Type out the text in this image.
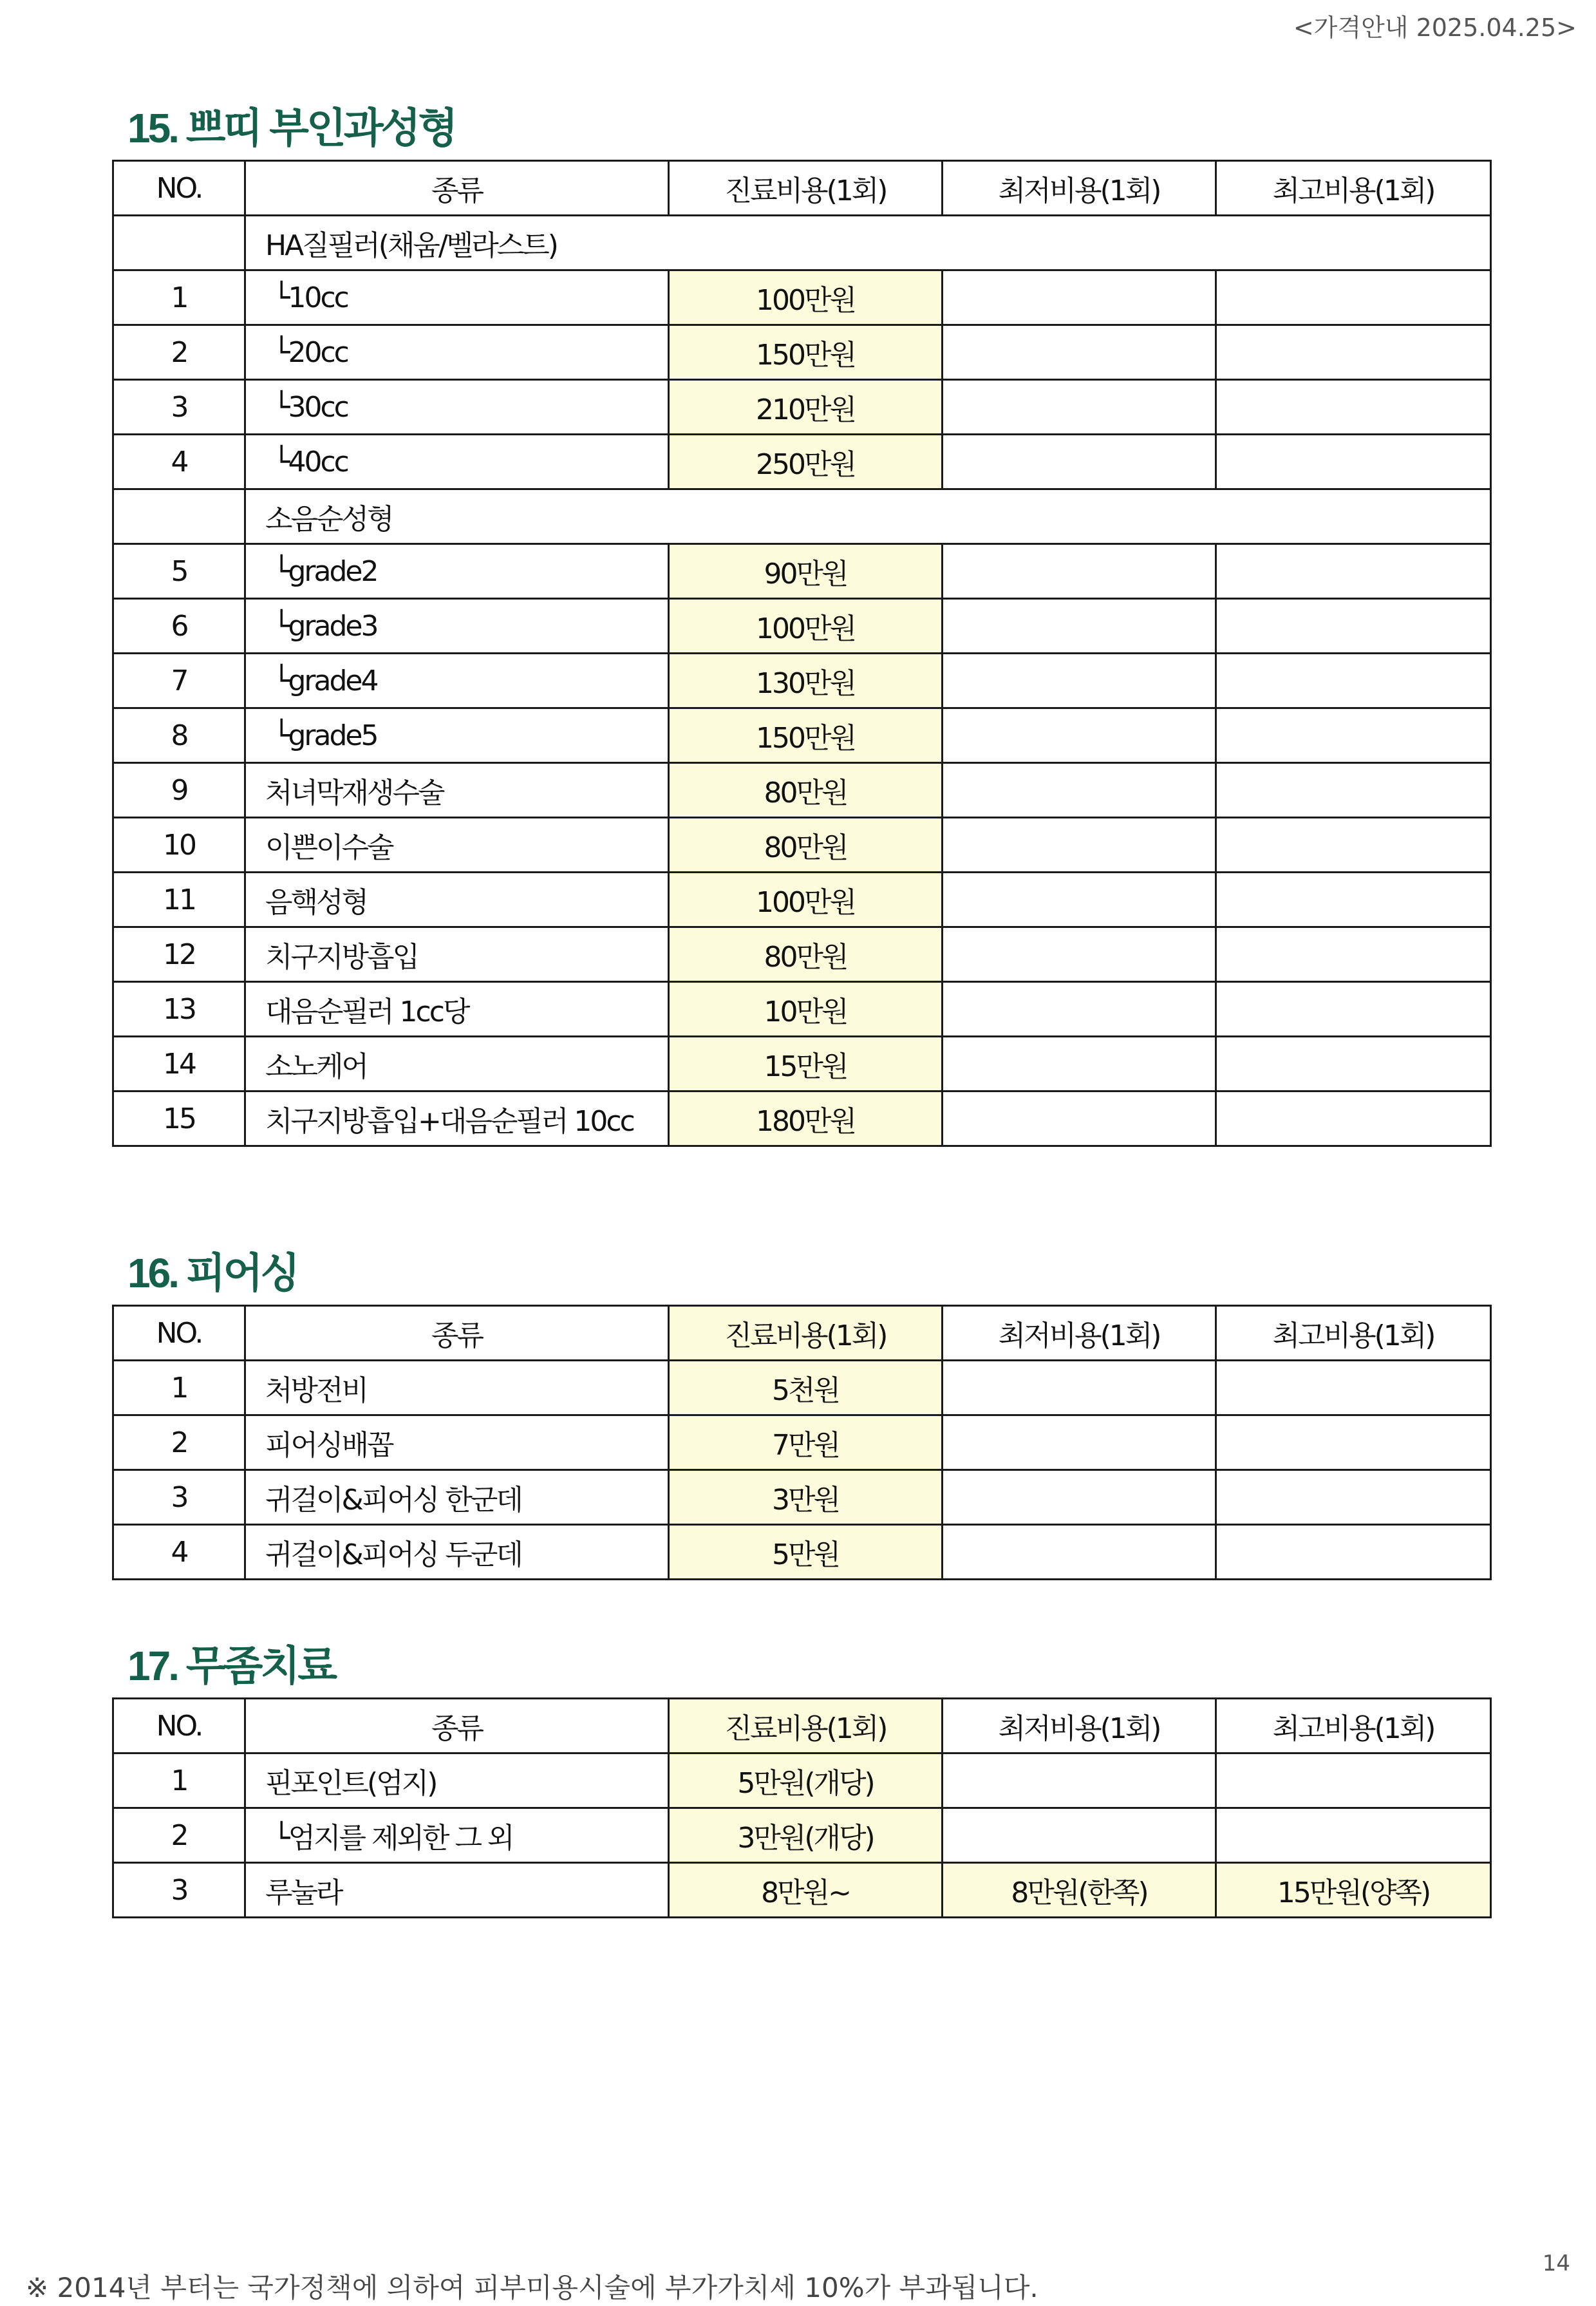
<가격안내 2025.04.25>
15. 쁘띠 부인과성형
NO.	종류	진료비용(1회)	최저비용(1회)	최고비용(1회)
	HA질필러(채움/벨라스트)			
1	└10cc	100만원		
2	└20cc	150만원		
3	└30cc	210만원		
4	└40cc	250만원		
	소음순성형			
5	└grade2	90만원		
6	└grade3	100만원		
7	└grade4	130만원		
8	└grade5	150만원		
9	처녀막재생수술	80만원		
10	이쁜이수술	80만원		
11	음핵성형	100만원		
12	치구지방흡입	80만원		
13	대음순필러 1cc당	10만원		
14	소노케어	15만원		
15	치구지방흡입+대음순필러 10cc	180만원		
16. 피어싱
NO.	종류	진료비용(1회)	최저비용(1회)	최고비용(1회)
1	처방전비	5천원		
2	피어싱배꼽	7만원		
3	귀걸이&피어싱 한군데	3만원		
4	귀걸이&피어싱 두군데	5만원		
17. 무좀치료
NO.	종류	진료비용(1회)	최저비용(1회)	최고비용(1회)
1	핀포인트(엄지)	5만원(개당)		
2	└엄지를 제외한 그 외	3만원(개당)		
3	루눌라	8만원~	8만원(한쪽)	15만원(양쪽)
14
※ 2014년 부터는 국가정책에 의하여 피부미용시술에 부가가치세 10%가 부과됩니다.
